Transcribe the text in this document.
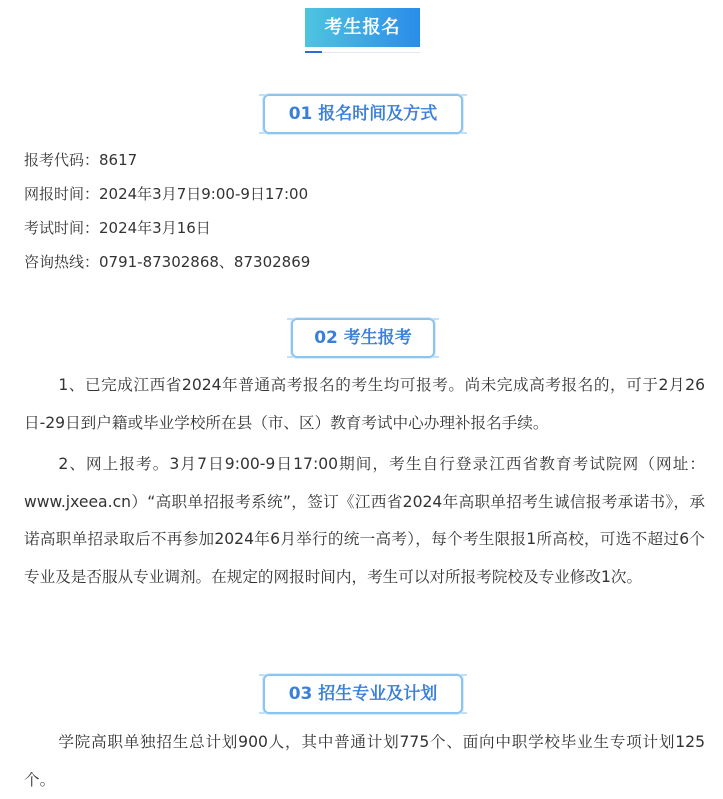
考生报名
01 报名时间及方式
报考代码：8617
网报时间：2024年3月7日9:00-9日17:00
考试时间：2024年3月16日
咨询热线：0791-87302868、87302869
02 考生报考

1、已完成江西省2024年普通高考报名的考生均可报考。尚未完成高考报名的，可于2月26日-29日到户籍或毕业学校所在县（市、区）教育考试中心办理补报名手续。

2、网上报考。3月7日9:00-9日17:00期间，考生自行登录江西省教育考试院网（网址：www.jxeea.cn）“高职单招报考系统”，签订《江西省2024年高职单招考生诚信报考承诺书》，承诺高职单招录取后不再参加2024年6月举行的统一高考），每个考生限报1所高校，可选不超过6个专业及是否服从专业调剂。在规定的网报时间内，考生可以对所报考院校及专业修改1次。

03 招生专业及计划

学院高职单独招生总计划900人，其中普通计划775个、面向中职学校毕业生专项计划125个。
